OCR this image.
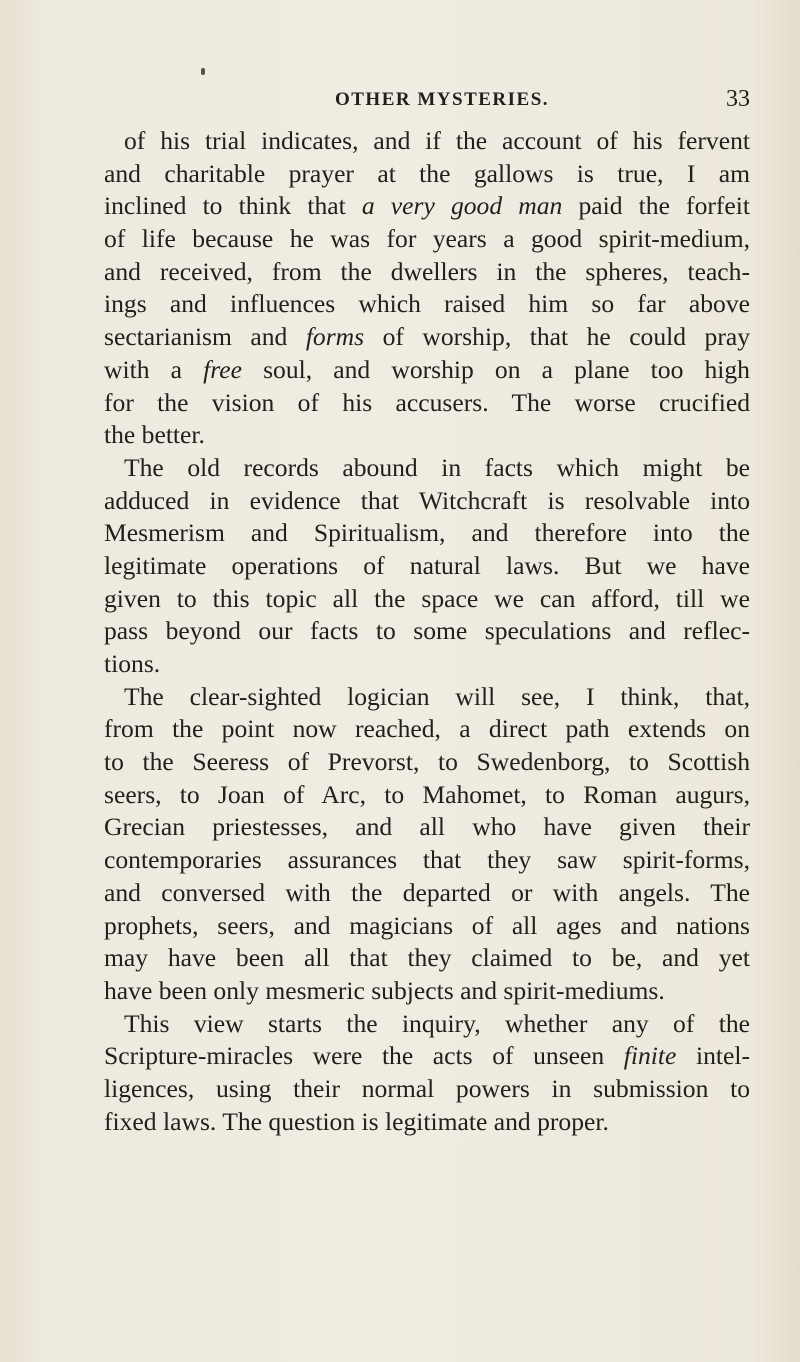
OTHER MYSTERIES.	33
of his trial indicates, and if the account of his fervent
and charitable prayer at the gallows is true, I am
inclined to think that a very good man paid the forfeit
of life because he was for years a good spirit-medium,
and received, from the dwellers in the spheres, teach-
ings and influences which raised him so far above
sectarianism and forms of worship, that he could pray
with a free soul, and worship on a plane too high
for the vision of his accusers. The worse crucified
the better.
The old records abound in facts which might be
adduced in evidence that Witchcraft is resolvable into
Mesmerism and Spiritualism, and therefore into the
legitimate operations of natural laws. But we have
given to this topic all the space we can afford, till we
pass beyond our facts to some speculations and reflec-
tions.
The clear-sighted logician will see, I think, that,
from the point now reached, a direct path extends on
to the Seeress of Prevorst, to Swedenborg, to Scottish
seers, to Joan of Arc, to Mahomet, to Roman augurs,
Grecian priestesses, and all who have given their
contemporaries assurances that they saw spirit-forms,
and conversed with the departed or with angels. The
prophets, seers, and magicians of all ages and nations
may have been all that they claimed to be, and yet
have been only mesmeric subjects and spirit-mediums.
This view starts the inquiry, whether any of the
Scripture-miracles were the acts of unseen finite intel-
ligences, using their normal powers in submission to
fixed laws. The question is legitimate and proper.
